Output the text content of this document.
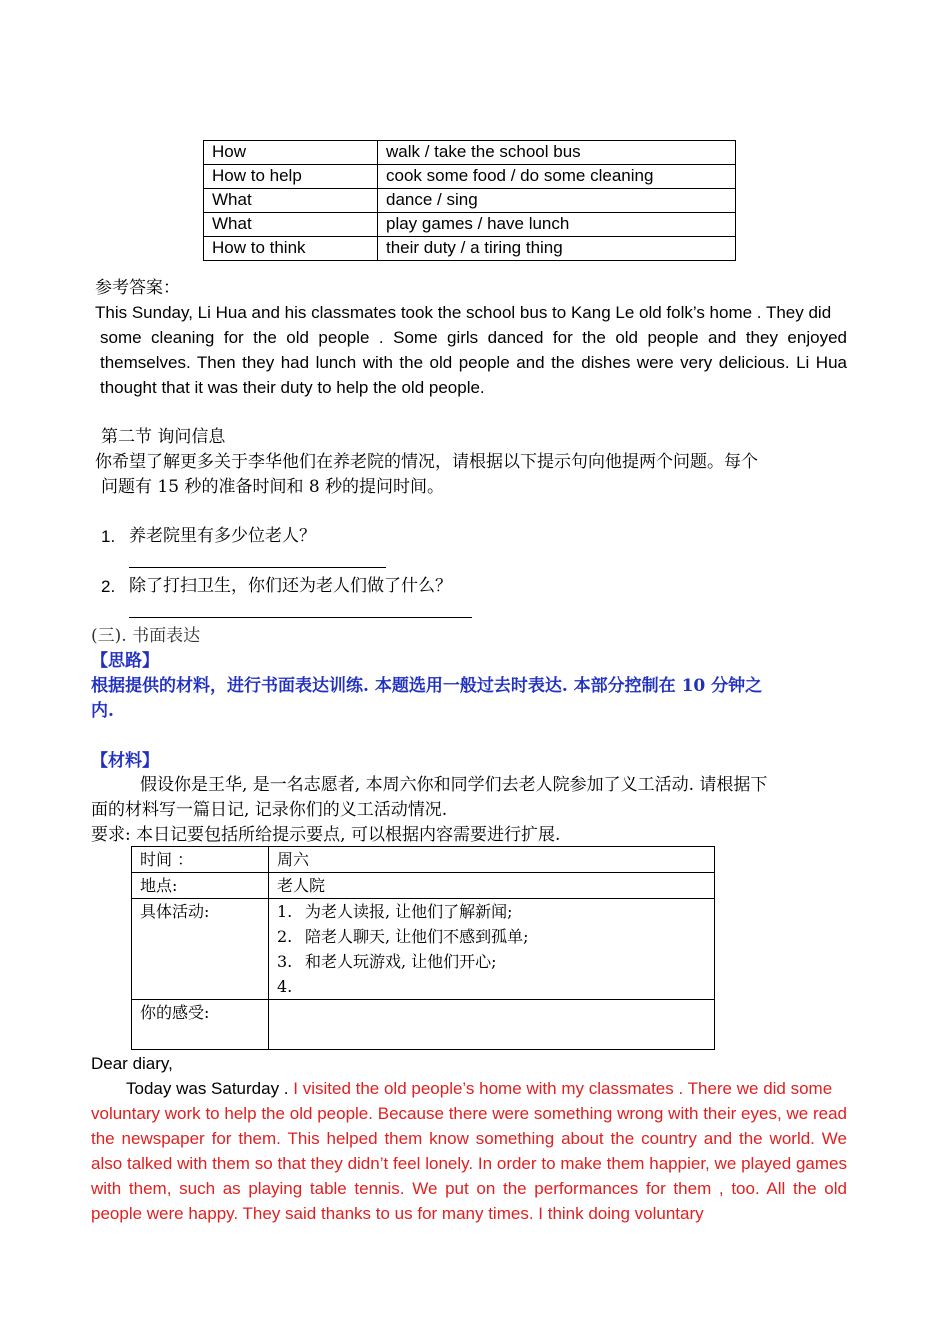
How	walk / take the school bus
How to help	cook some food / do some cleaning
What	dance / sing
What	play games / have lunch
How to think	their duty / a tiring thing
参考答案：
This Sunday, Li Hua and his classmates took the school bus to Kang Le old folk’s home . They did
some cleaning for the old people . Some girls danced for the old people and they enjoyed themselves. Then they had lunch with the old people and the dishes were very delicious. Li Hua thought that it was their duty to help the old people.
第二节 询问信息
你希望了解更多关于李华他们在养老院的情况，请根据以下提示句向他提两个问题。每个
问题有 15 秒的准备时间和 8 秒的提问时间。
1. 养老院里有多少位老人？
2. 除了打扫卫生，你们还为老人们做了什么？
(三). 书面表达
【思路】
根据提供的材料，进行书面表达训练. 本题选用一般过去时表达. 本部分控制在 10 分钟之
内.
【材料】
假设你是王华, 是一名志愿者, 本周六你和同学们去老人院参加了义工活动. 请根据下
面的材料写一篇日记, 记录你们的义工活动情况.
要求: 本日记要包括所给提示要点, 可以根据内容需要进行扩展.
时间 ：	周六
地点:	老人院
具体活动:	1. 为老人读报, 让他们了解新闻;
2. 陪老人聊天, 让他们不感到孤单;
3. 和老人玩游戏, 让他们开心;
4.

你的感受:	
Dear diary,
Today was Saturday . I visited the old people’s home with my classmates . There we did some
voluntary work to help the old people. Because there were something wrong with their eyes, we read the newspaper for them. This helped them know something about the country and the world. We also talked with them so that they didn’t feel lonely. In order to make them happier, we played games with them, such as playing table tennis. We put on the performances for them , too. All the old people were happy. They said thanks to us for many times. I think doing voluntary
